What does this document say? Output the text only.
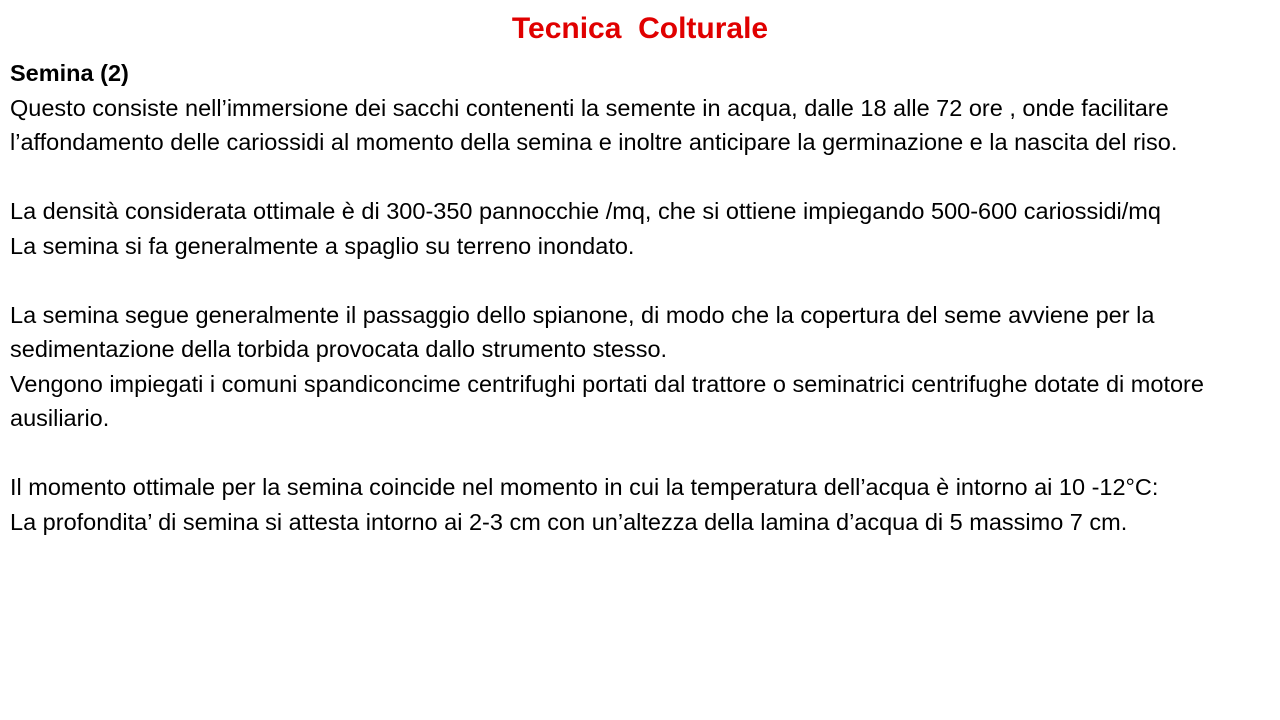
Tecnica  Colturale

Semina (2)

Questo consiste nell’immersione dei sacchi contenenti la semente in acqua, dalle 18 alle 72 ore , onde facilitare l’affondamento delle cariossidi al momento della semina e inoltre anticipare la germinazione e la nascita del riso.

La densità considerata ottimale è di 300-350 pannocchie /mq, che si ottiene impiegando 500-600 cariossidi/mq

La semina si fa generalmente a spaglio su terreno inondato.

La semina segue generalmente il passaggio dello spianone, di modo che la copertura del seme avviene per la sedimentazione della torbida provocata dallo strumento stesso.

Vengono impiegati i comuni spandiconcime centrifughi portati dal trattore o seminatrici centrifughe dotate di motore ausiliario.

Il momento ottimale per la semina coincide nel momento in cui la temperatura dell’acqua è intorno ai 10 -12°C:

La profondita’ di semina si attesta intorno ai 2-3 cm con un’altezza della lamina d’acqua di 5 massimo 7 cm.
